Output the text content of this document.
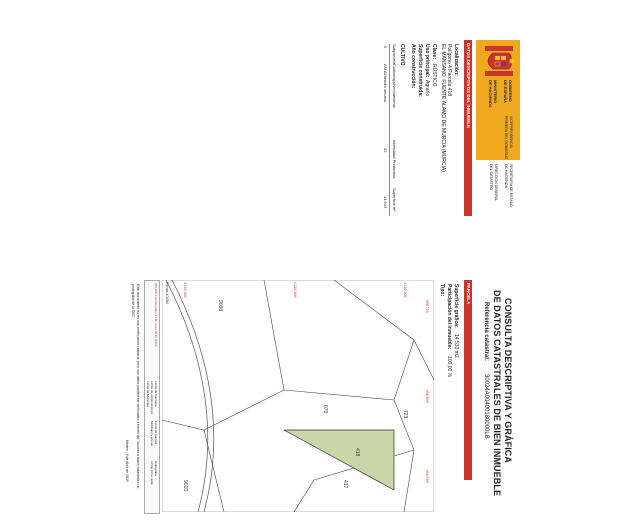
GOBIERNO
DE ESPAÑA
MINISTERIO
DE HACIENDA
VICEPRESIDENCIA
PRIMERA DEL GOBIERNO
SECRETARÍA DE ESTADO
DE HACIENDA
DIRECCIÓN GENERAL
DEL CATASTRO
CONSULTA DESCRIPTIVA Y GRÁFICA
DE DATOS CATASTRALES DE BIEN INMUEBLE
Referencia catastral:
30024A00400180000LB
DATOS DESCRIPTIVOS DEL INMUEBLE
Localización:
Polígono 4 Parcela 418
EL MANSANO. FUENTE ÁLAMO DE MURCIA (MURCIA)
Clase:
RÚSTICO
Uso principal:
Agrario
Superficie construida:
Año construcción:
CULTIVO
Subparcela
Cultivo/aprovechamiento
Intensidad Productiva
Superficie m²
0
AM Almendro secano
02
14.533
PARCELA
Superficie gráfica:
14.533 m2
Participación del inmueble:
100,00 %
Tipo:
418
723
670
417
9008
9010
658,700
4,183,500
4,183,600
658,800
658,900
4,183,400
Escala 1/2000
658,200 Coordenadas U.T.M. Huso 30 ETRS89
Límite de manzana
Límite de parcela
Hidrografía
Límite de construcciones
Mobiliario y aceras
Límite zona verde
Límite de Municipio
Este documento no es una certificación catastral, pero sus datos pueden ser verificados a través del "Acceso a datos catastrales no protegidos de la SEC"
Martes , 9 de Abril de 2019
